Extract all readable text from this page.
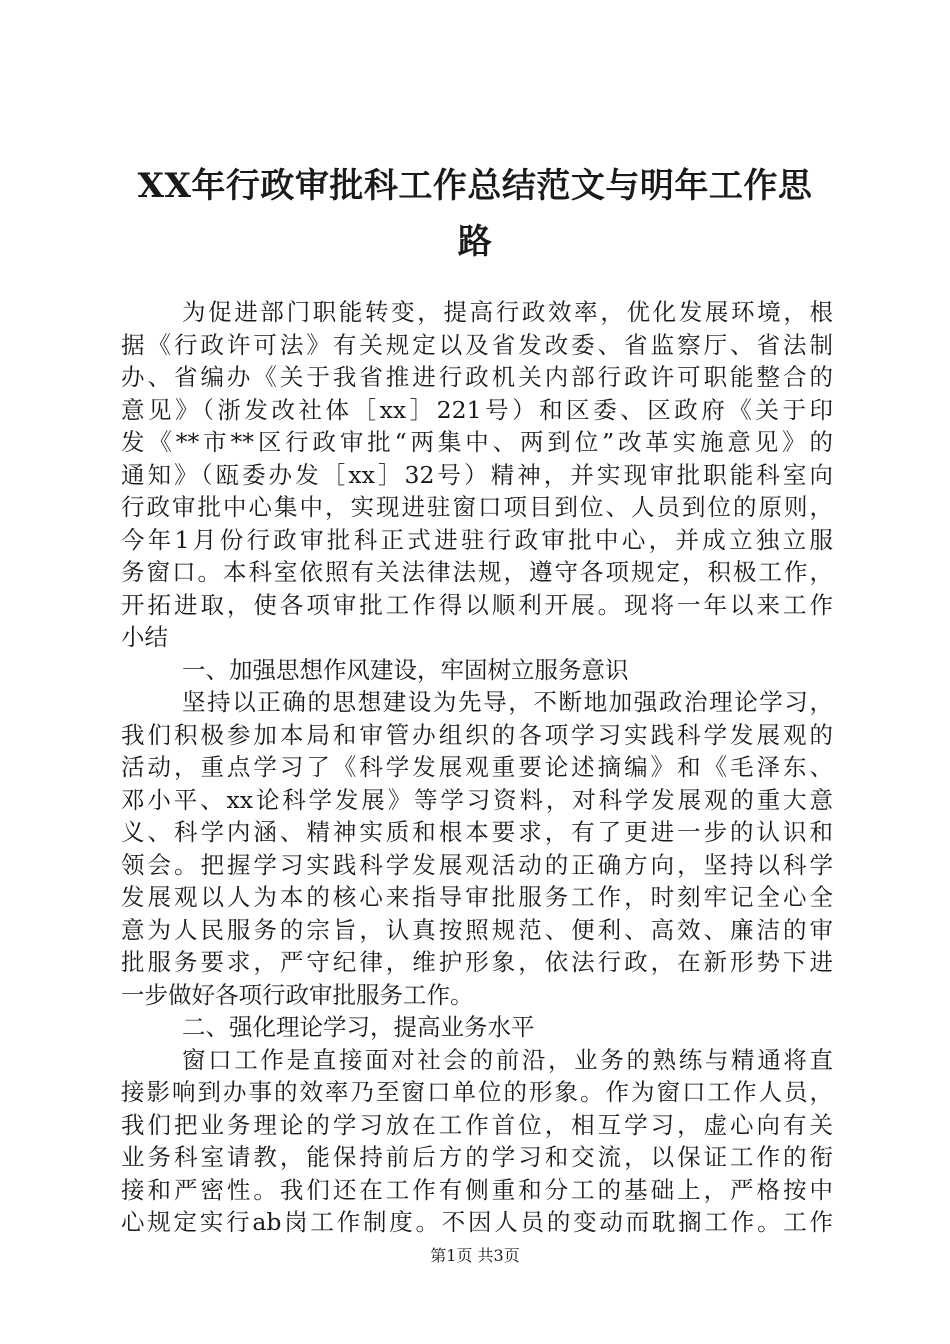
XX年行政审批科工作总结范文与明年工作思
路
为促进部门职能转变，提高行政效率，优化发展环境，根
据《行政许可法》有关规定以及省发改委、省监察厅、省法制
办、省编办《关于我省推进行政机关内部行政许可职能整合的
意见》（浙发改社体［xx］221号）和区委、区政府《关于印
发《**市**区行政审批“两集中、两到位”改革实施意见》的
通知》（瓯委办发［xx］32号）精神，并实现审批职能科室向
行政审批中心集中，实现进驻窗口项目到位、人员到位的原则，
今年1月份行政审批科正式进驻行政审批中心，并成立独立服
务窗口。本科室依照有关法律法规，遵守各项规定，积极工作，
开拓进取，使各项审批工作得以顺利开展。现将一年以来工作
小结
一、加强思想作风建设，牢固树立服务意识
坚持以正确的思想建设为先导，不断地加强政治理论学习，
我们积极参加本局和审管办组织的各项学习实践科学发展观的
活动，重点学习了《科学发展观重要论述摘编》和《毛泽东、
邓小平、xx论科学发展》等学习资料，对科学发展观的重大意
义、科学内涵、精神实质和根本要求，有了更进一步的认识和
领会。把握学习实践科学发展观活动的正确方向，坚持以科学
发展观以人为本的核心来指导审批服务工作，时刻牢记全心全
意为人民服务的宗旨，认真按照规范、便利、高效、廉洁的审
批服务要求，严守纪律，维护形象，依法行政，在新形势下进
一步做好各项行政审批服务工作。
二、强化理论学习，提高业务水平
窗口工作是直接面对社会的前沿，业务的熟练与精通将直
接影响到办事的效率乃至窗口单位的形象。作为窗口工作人员，
我们把业务理论的学习放在工作首位，相互学习，虚心向有关
业务科室请教，能保持前后方的学习和交流，以保证工作的衔
接和严密性。我们还在工作有侧重和分工的基础上，严格按中
心规定实行ab岗工作制度。不因人员的变动而耽搁工作。工作
第1页 共3页
